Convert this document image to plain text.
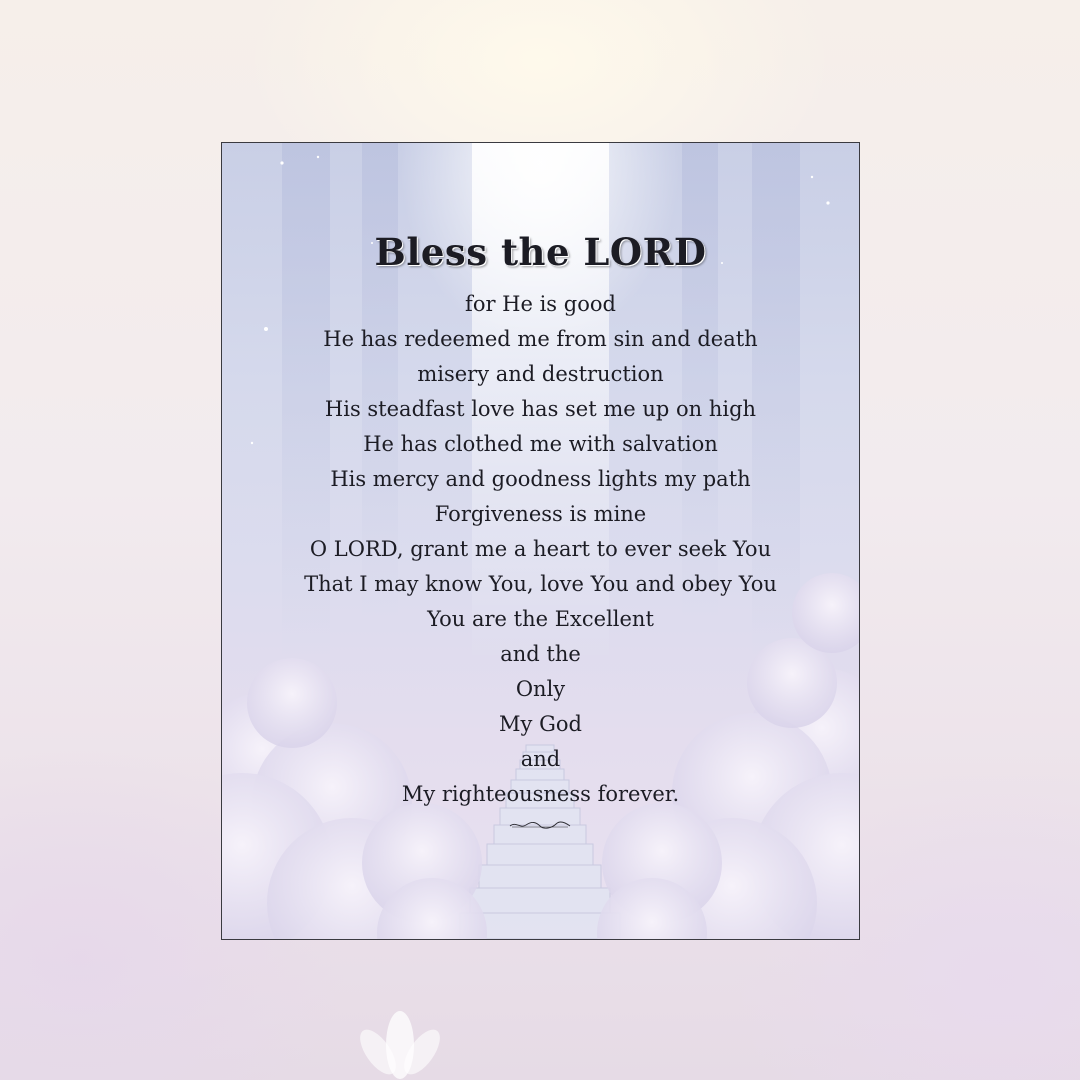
Bless the LORD
for He is good
He has redeemed me from sin and death
misery and destruction
His steadfast love has set me up on high
He has clothed me with salvation
His mercy and goodness lights my path
Forgiveness is mine
O LORD, grant me a heart to ever seek You
That I may know You, love You and obey You
You are the Excellent
and the
Only
My God
and
My righteousness forever.
